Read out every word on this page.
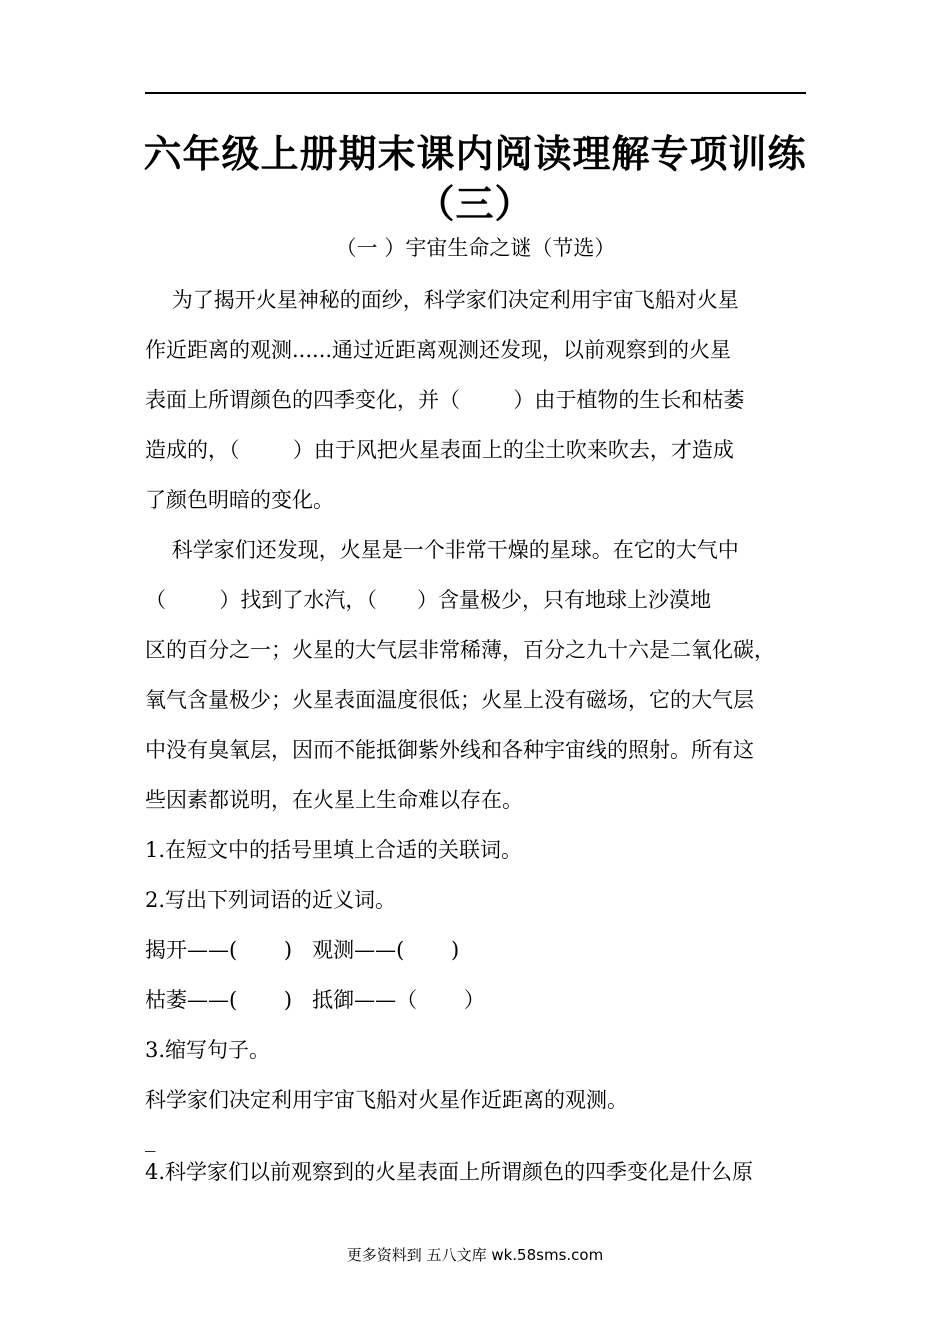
六年级上册期末课内阅读理解专项训练
（三）
（一 ）宇宙生命之谜（节选）
为了揭开火星神秘的面纱，科学家们决定利用宇宙飞船对火星
作近距离的观测......通过近距离观测还发现，以前观察到的火星
表面上所谓颜色的四季变化，并（        ）由于植物的生长和枯萎
造成的，（        ）由于风把火星表面上的尘土吹来吹去，才造成
了颜色明暗的变化。
科学家们还发现，火星是一个非常干燥的星球。在它的大气中
（        ）找到了水汽，（      ）含量极少，只有地球上沙漠地
区的百分之一；火星的大气层非常稀薄，百分之九十六是二氧化碳，
氧气含量极少；火星表面温度很低；火星上没有磁场，它的大气层
中没有臭氧层，因而不能抵御紫外线和各种宇宙线的照射。所有这
些因素都说明，在火星上生命难以存在。
1.在短文中的括号里填上合适的关联词。
2.写出下列词语的近义词。
揭开——(       )   观测——(       )
枯萎——(       )   抵御——（       ）
3.缩写句子。
科学家们决定利用宇宙飞船对火星作近距离的观测。
_
4.科学家们以前观察到的火星表面上所谓颜色的四季变化是什么原
更多资料到 五八文库 wk.58sms.com
